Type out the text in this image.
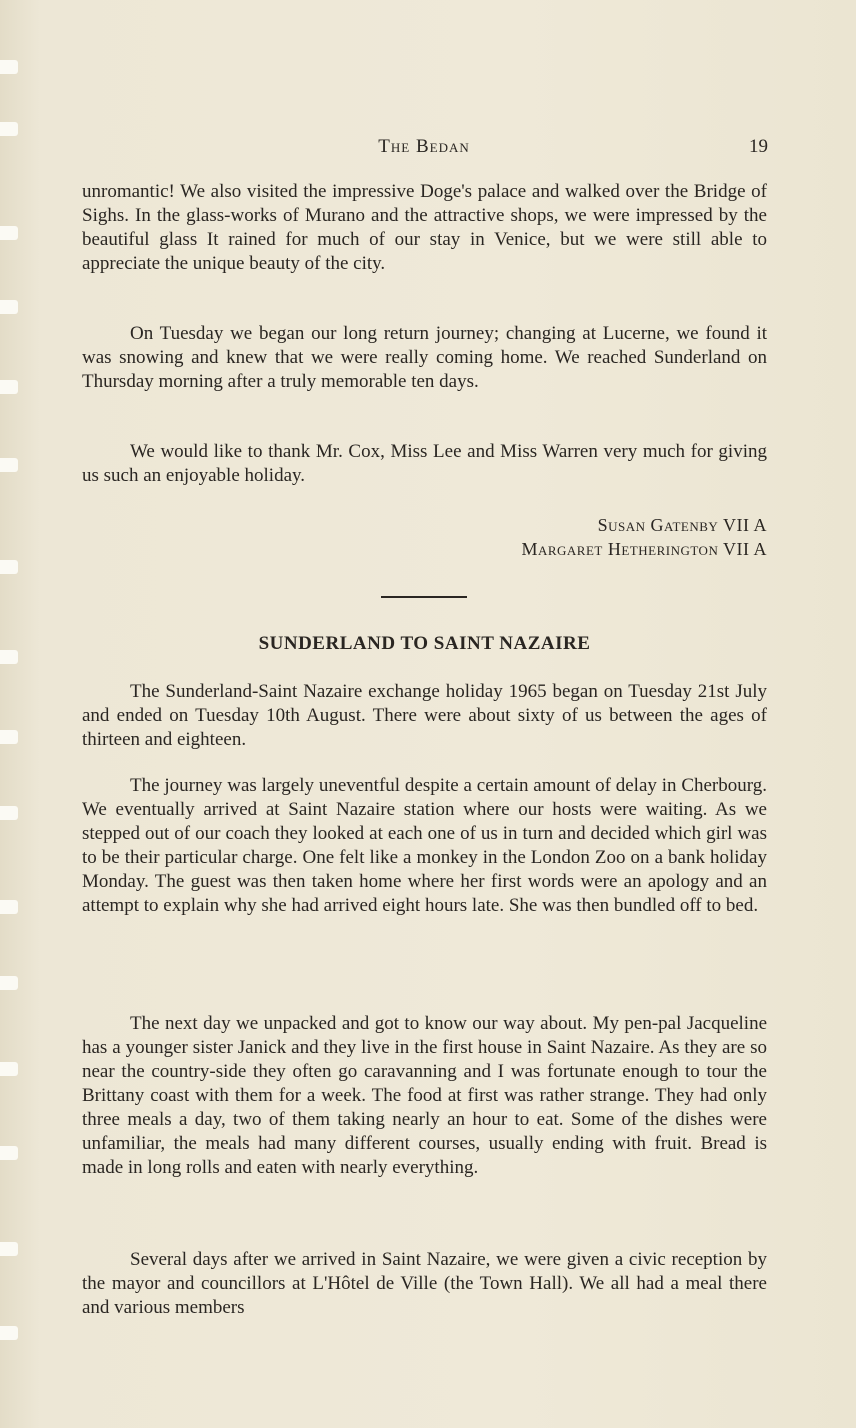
The Bedan	19

unromantic! We also visited the impressive Doge's palace and walked over the Bridge of Sighs. In the glass-works of Murano and the attractive shops, we were impressed by the beautiful glass It rained for much of our stay in Venice, but we were still able to appreciate the unique beauty of the city.

On Tuesday we began our long return journey; changing at Lucerne, we found it was snowing and knew that we were really coming home. We reached Sunderland on Thursday morning after a truly memorable ten days.

We would like to thank Mr. Cox, Miss Lee and Miss Warren very much for giving us such an enjoyable holiday.

Susan Gatenby VII A
Margaret Hetherington VII A
SUNDERLAND TO SAINT NAZAIRE

The Sunderland-Saint Nazaire exchange holiday 1965 began on Tuesday 21st July and ended on Tuesday 10th August. There were about sixty of us between the ages of thirteen and eighteen.

The journey was largely uneventful despite a certain amount of delay in Cherbourg. We eventually arrived at Saint Nazaire station where our hosts were waiting. As we stepped out of our coach they looked at each one of us in turn and decided which girl was to be their particular charge. One felt like a monkey in the London Zoo on a bank holiday Monday. The guest was then taken home where her first words were an apology and an attempt to explain why she had arrived eight hours late. She was then bundled off to bed.

The next day we unpacked and got to know our way about. My pen-pal Jacqueline has a younger sister Janick and they live in the first house in Saint Nazaire. As they are so near the country-side they often go caravanning and I was fortunate enough to tour the Brittany coast with them for a week. The food at first was rather strange. They had only three meals a day, two of them taking nearly an hour to eat. Some of the dishes were unfamiliar, the meals had many different courses, usually ending with fruit. Bread is made in long rolls and eaten with nearly everything.

Several days after we arrived in Saint Nazaire, we were given a civic reception by the mayor and councillors at L'Hôtel de Ville (the Town Hall). We all had a meal there and various members
